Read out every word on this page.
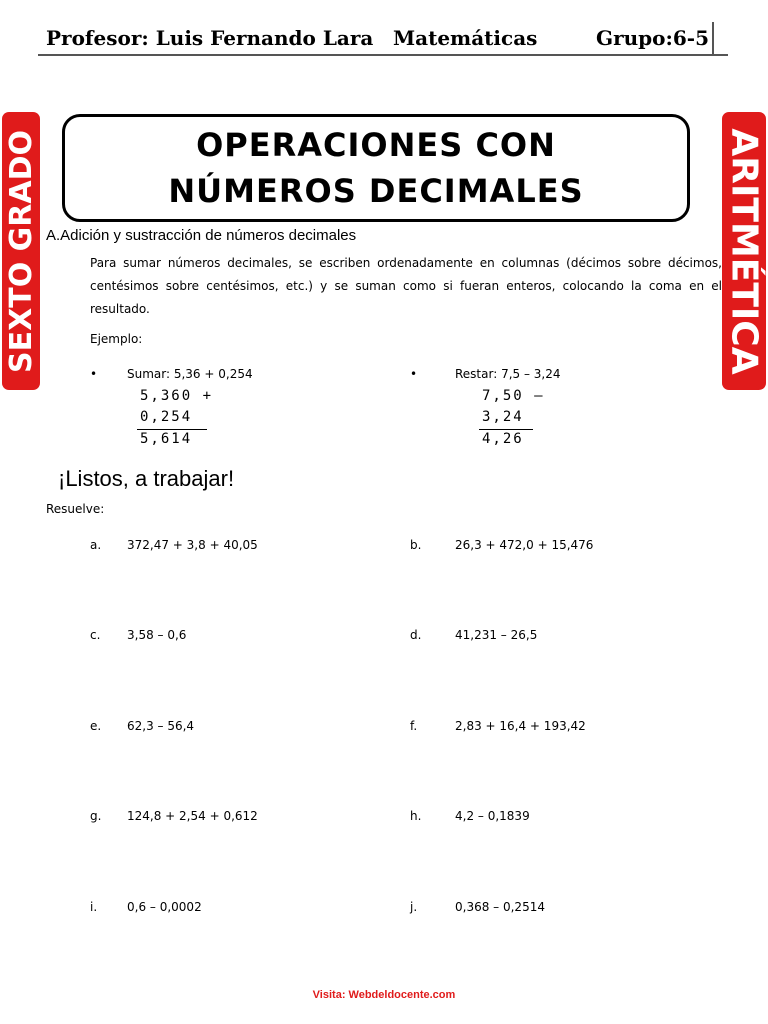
Profesor: Luis Fernando Lara Matemáticas	Grupo:6-5
SEXTO GRADO	ARITMÉTICA
OPERACIONES CON
NÚMEROS DECIMALES
A.Adición y sustracción de números decimales
Para sumar números decimales, se escriben ordenadamente en columnas (décimos sobre décimos, centésimos sobre centésimos, etc.) y se suman como si fueran enteros, colocando la coma en el resultado.
Ejemplo:
• Sumar: 5,36 + 0,254
5,360 +
0,254
5,614
•	Restar: 7,5 – 3,24
7,50 –
3,24
4,26
¡Listos, a trabajar!
Resuelve:
a. 372,47 + 3,8 + 40,05	b.	26,3 + 472,0 + 15,476
c. 3,58 – 0,6	d.	41,231 – 26,5
e. 62,3 – 56,4	f.	2,83 + 16,4 + 193,42
g. 124,8 + 2,54 + 0,612	h.	4,2 – 0,1839
i. 0,6 – 0,0002	j.	0,368 – 0,2514
Visita: Webdeldocente.com
